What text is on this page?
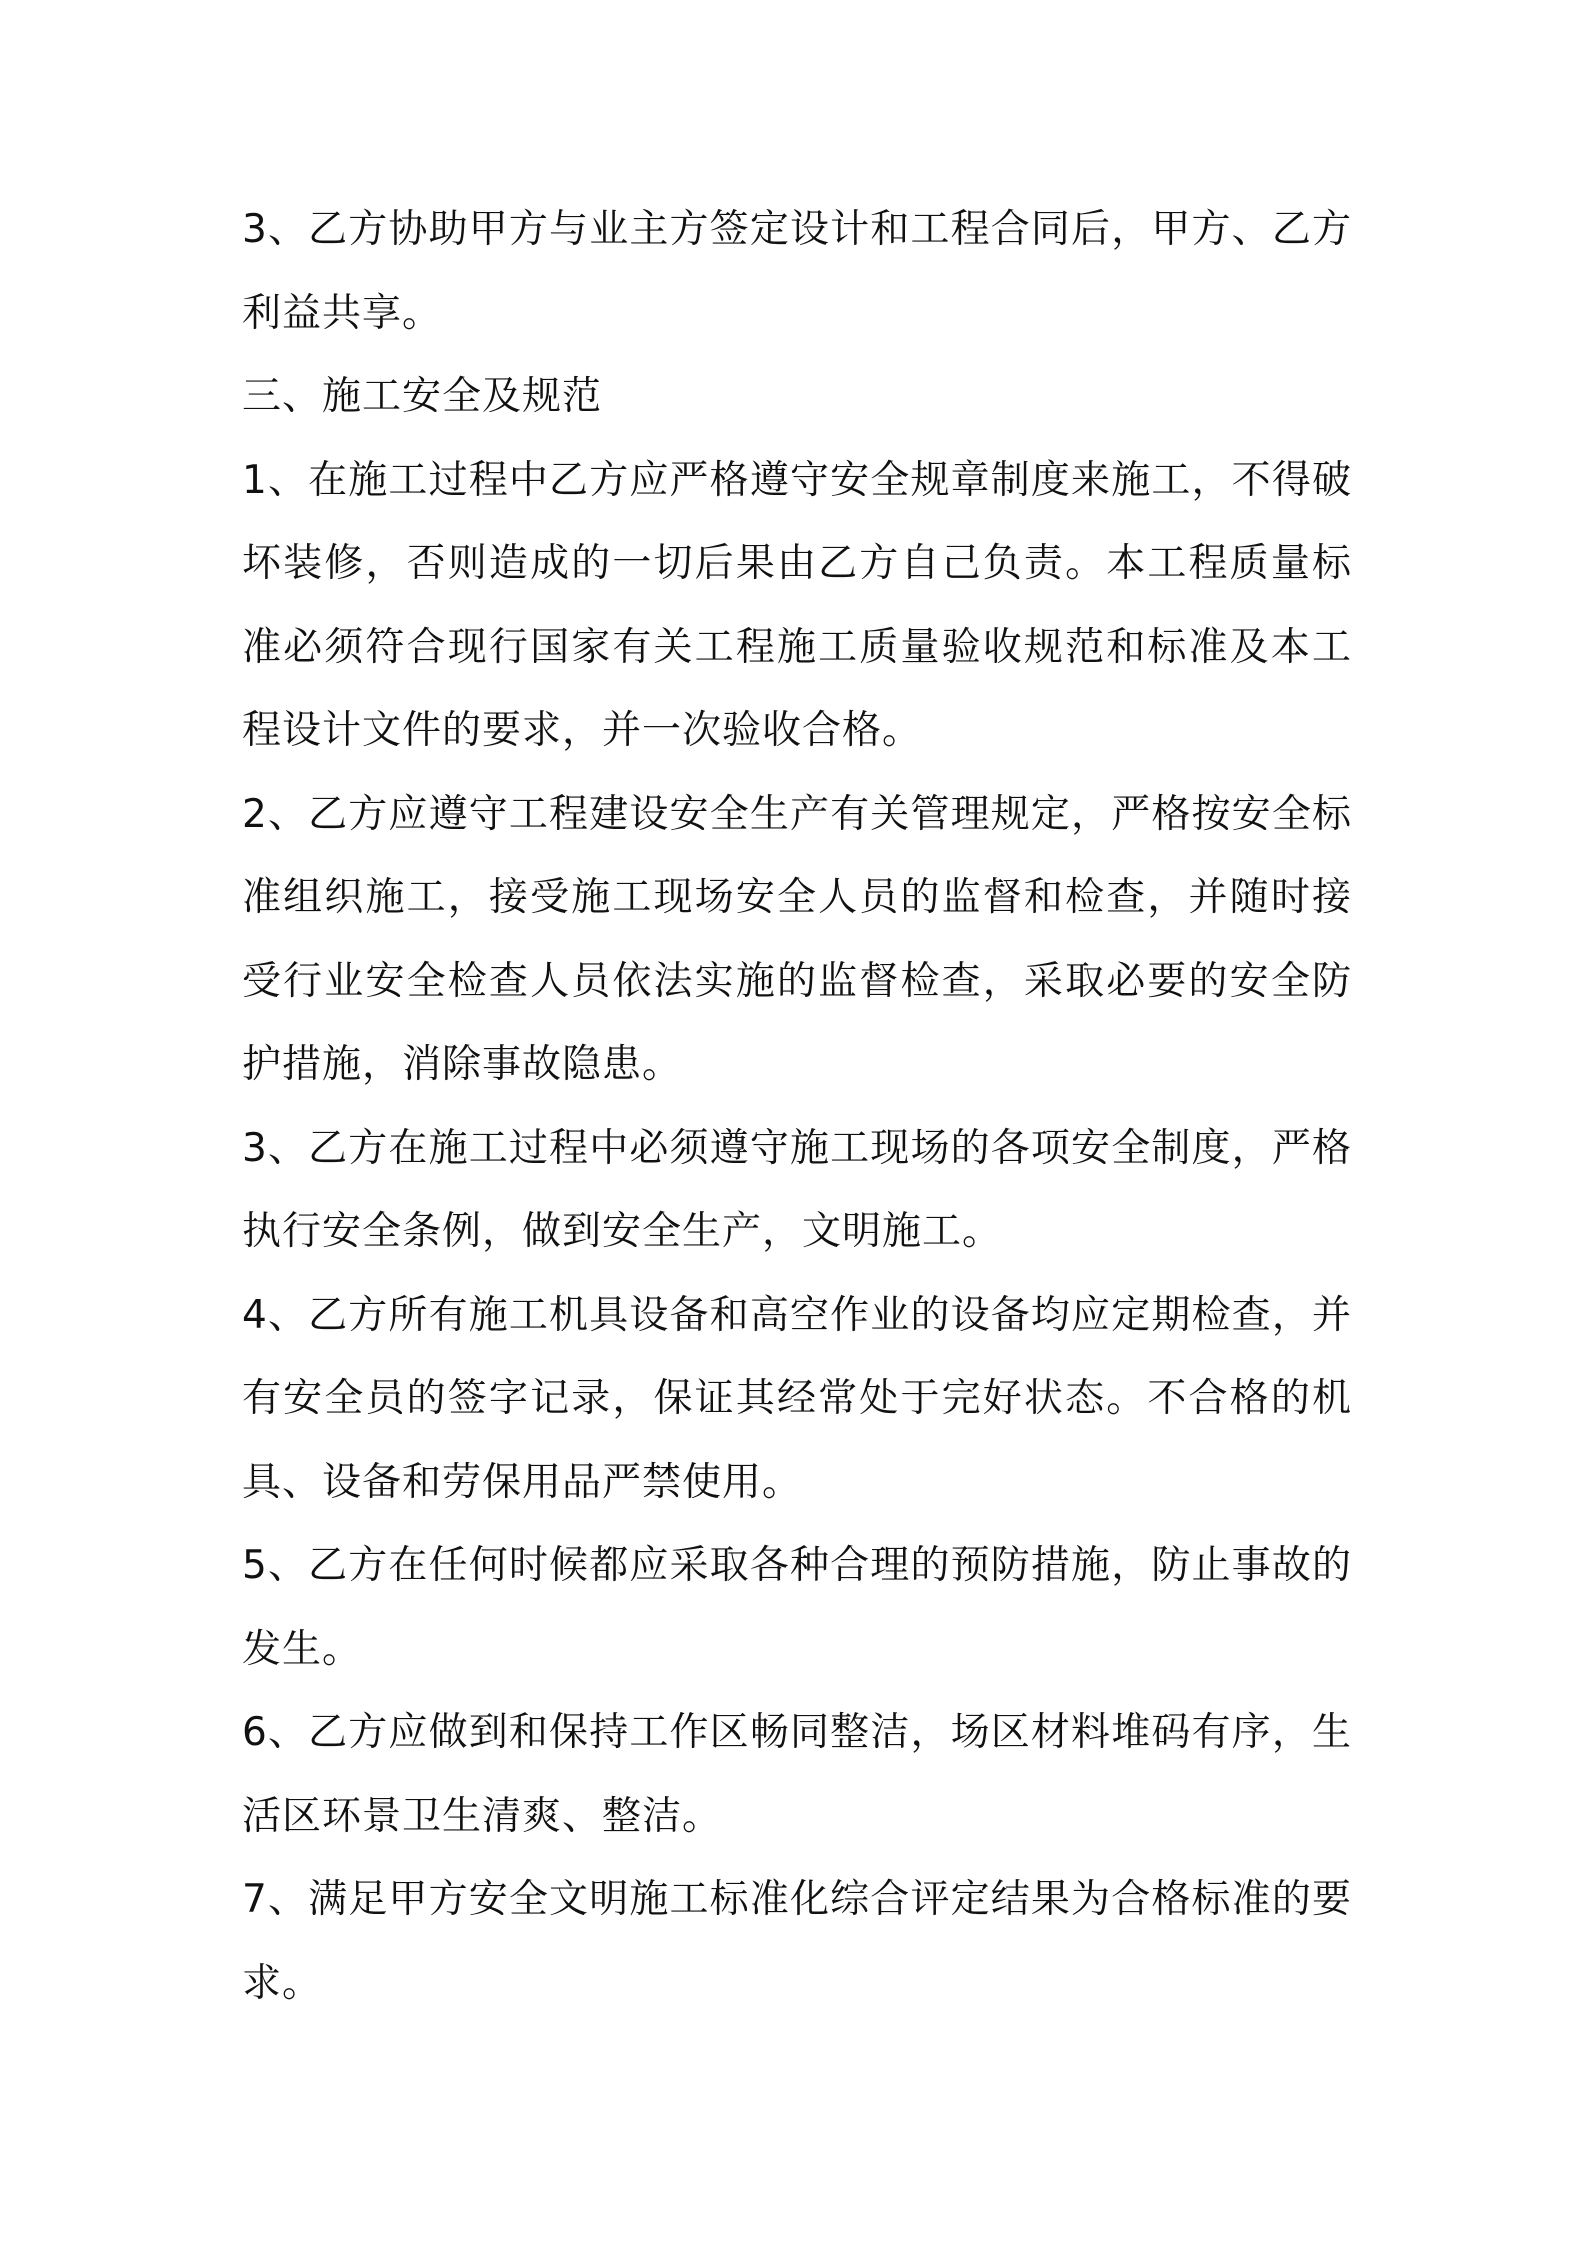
3、乙方协助甲方与业主方签定设计和工程合同后，甲方、乙方利益共享。

三、施工安全及规范

1、在施工过程中乙方应严格遵守安全规章制度来施工，不得破坏装修，否则造成的一切后果由乙方自己负责。本工程质量标准必须符合现行国家有关工程施工质量验收规范和标准及本工程设计文件的要求，并一次验收合格。

2、乙方应遵守工程建设安全生产有关管理规定，严格按安全标准组织施工，接受施工现场安全人员的监督和检查，并随时接受行业安全检查人员依法实施的监督检查，采取必要的安全防护措施，消除事故隐患。

3、乙方在施工过程中必须遵守施工现场的各项安全制度，严格执行安全条例，做到安全生产，文明施工。

4、乙方所有施工机具设备和高空作业的设备均应定期检查，并有安全员的签字记录，保证其经常处于完好状态。不合格的机具、设备和劳保用品严禁使用。

5、乙方在任何时候都应采取各种合理的预防措施，防止事故的发生。

6、乙方应做到和保持工作区畅同整洁，场区材料堆码有序，生活区环景卫生清爽、整洁。

7、满足甲方安全文明施工标准化综合评定结果为合格标准的要求。
